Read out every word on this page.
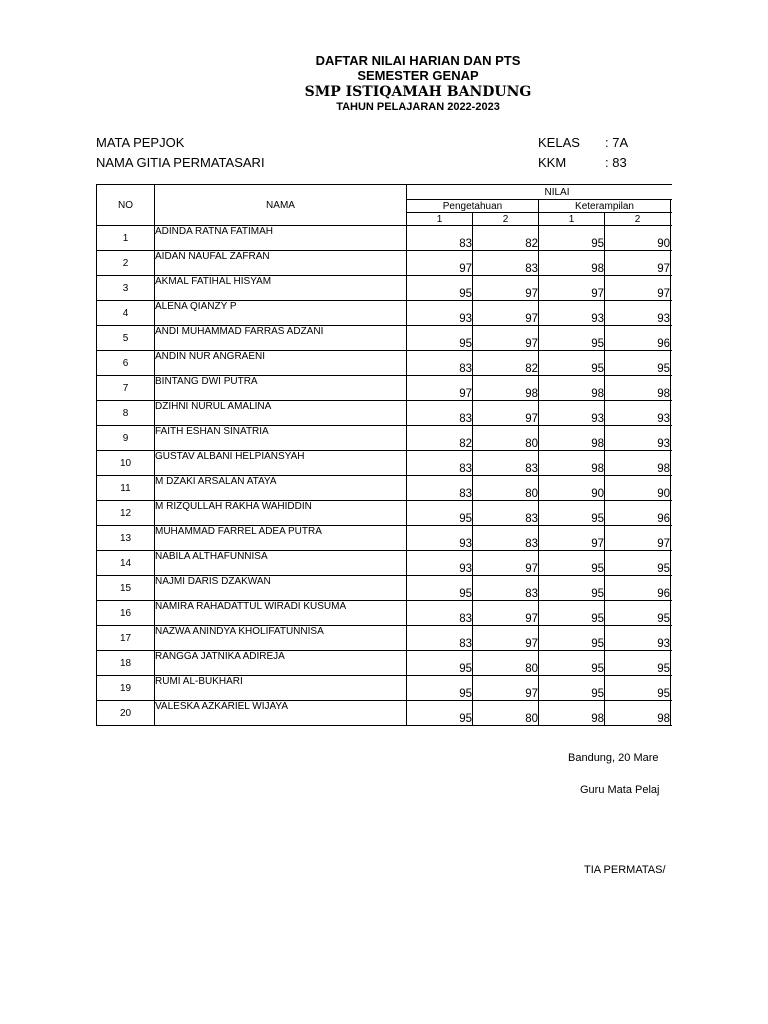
DAFTAR NILAI HARIAN DAN PTS
SEMESTER GENAP
SMP ISTIQAMAH BANDUNG
TAHUN PELAJARAN 2022-2023
MATA PEPJOK
NAMA GITIA PERMATASARI
KELAS : 7A
KKM	: 83
NO	NAMA	NILAI				
		Pengetahuan		Keterampilan		
		1	2	1	2	
1	ADINDA RATNA FATIMAH	83	82	95	90	
2	AIDAN NAUFAL ZAFRAN	97	83	98	97	
3	AKMAL FATIHAL HISYAM	95	97	97	97	
4	ALENA QIANZY P	93	97	93	93	
5	ANDI MUHAMMAD FARRAS ADZANI	95	97	95	96	
6	ANDIN NUR ANGRAENI	83	82	95	95	
7	BINTANG DWI PUTRA	97	98	98	98	
8	DZIHNI NURUL AMALINA	83	97	93	93	
9	FAITH ESHAN SINATRIA	82	80	98	93	
10	GUSTAV ALBANI HELPIANSYAH	83	83	98	98	
11	M DZAKI ARSALAN ATAYA	83	80	90	90	
12	M RIZQULLAH RAKHA WAHIDDIN	95	83	95	96	
13	MUHAMMAD FARREL ADEA PUTRA	93	83	97	97	
14	NABILA ALTHAFUNNISA	93	97	95	95	
15	NAJMI DARIS DZAKWAN	95	83	95	96	
16	NAMIRA RAHADATTUL WIRADI KUSUMA	83	97	95	95	
17	NAZWA ANINDYA KHOLIFATUNNISA	83	97	95	93	
18	RANGGA JATNIKA ADIREJA	95	80	95	95	
19	RUMI AL-BUKHARI	95	97	95	95	
20	VALESKA AZKARIEL WIJAYA	95	80	98	98	
Bandung, 20 Mare
Guru Mata Pelaj
TIA PERMATAS/
